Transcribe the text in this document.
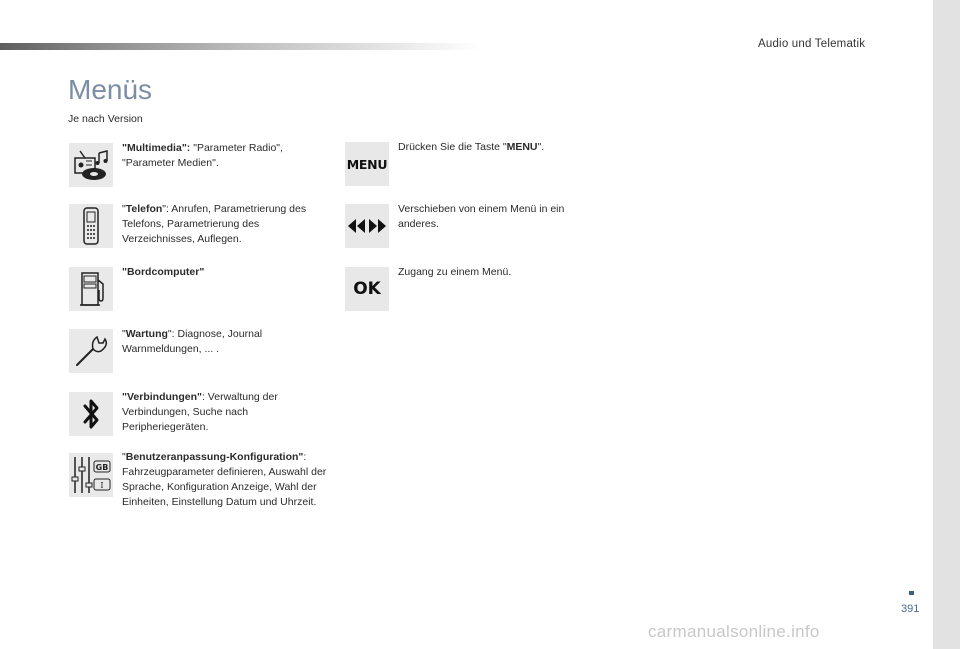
Audio und Telematik
Menüs
Je nach Version
"Multimedia": "Parameter Radio", "Parameter Medien".
"Telefon": Anrufen, Parametrierung des Telefons, Parametrierung des Verzeichnisses, Auflegen.
"Bordcomputer"
"Wartung": Diagnose, Journal Warnmeldungen, ... .
"Verbindungen": Verwaltung der Verbindungen, Suche nach Peripheriegeräten.
GB
I
"Benutzeranpassung-Konfiguration": Fahrzeugparameter definieren, Auswahl der Sprache, Konfiguration Anzeige, Wahl der Einheiten, Einstellung Datum und Uhrzeit.
MENU
Drücken Sie die Taste "MENU".
Verschieben von einem Menü in ein anderes.
OK
Zugang zu einem Menü.
391
carmanualsonline.info
